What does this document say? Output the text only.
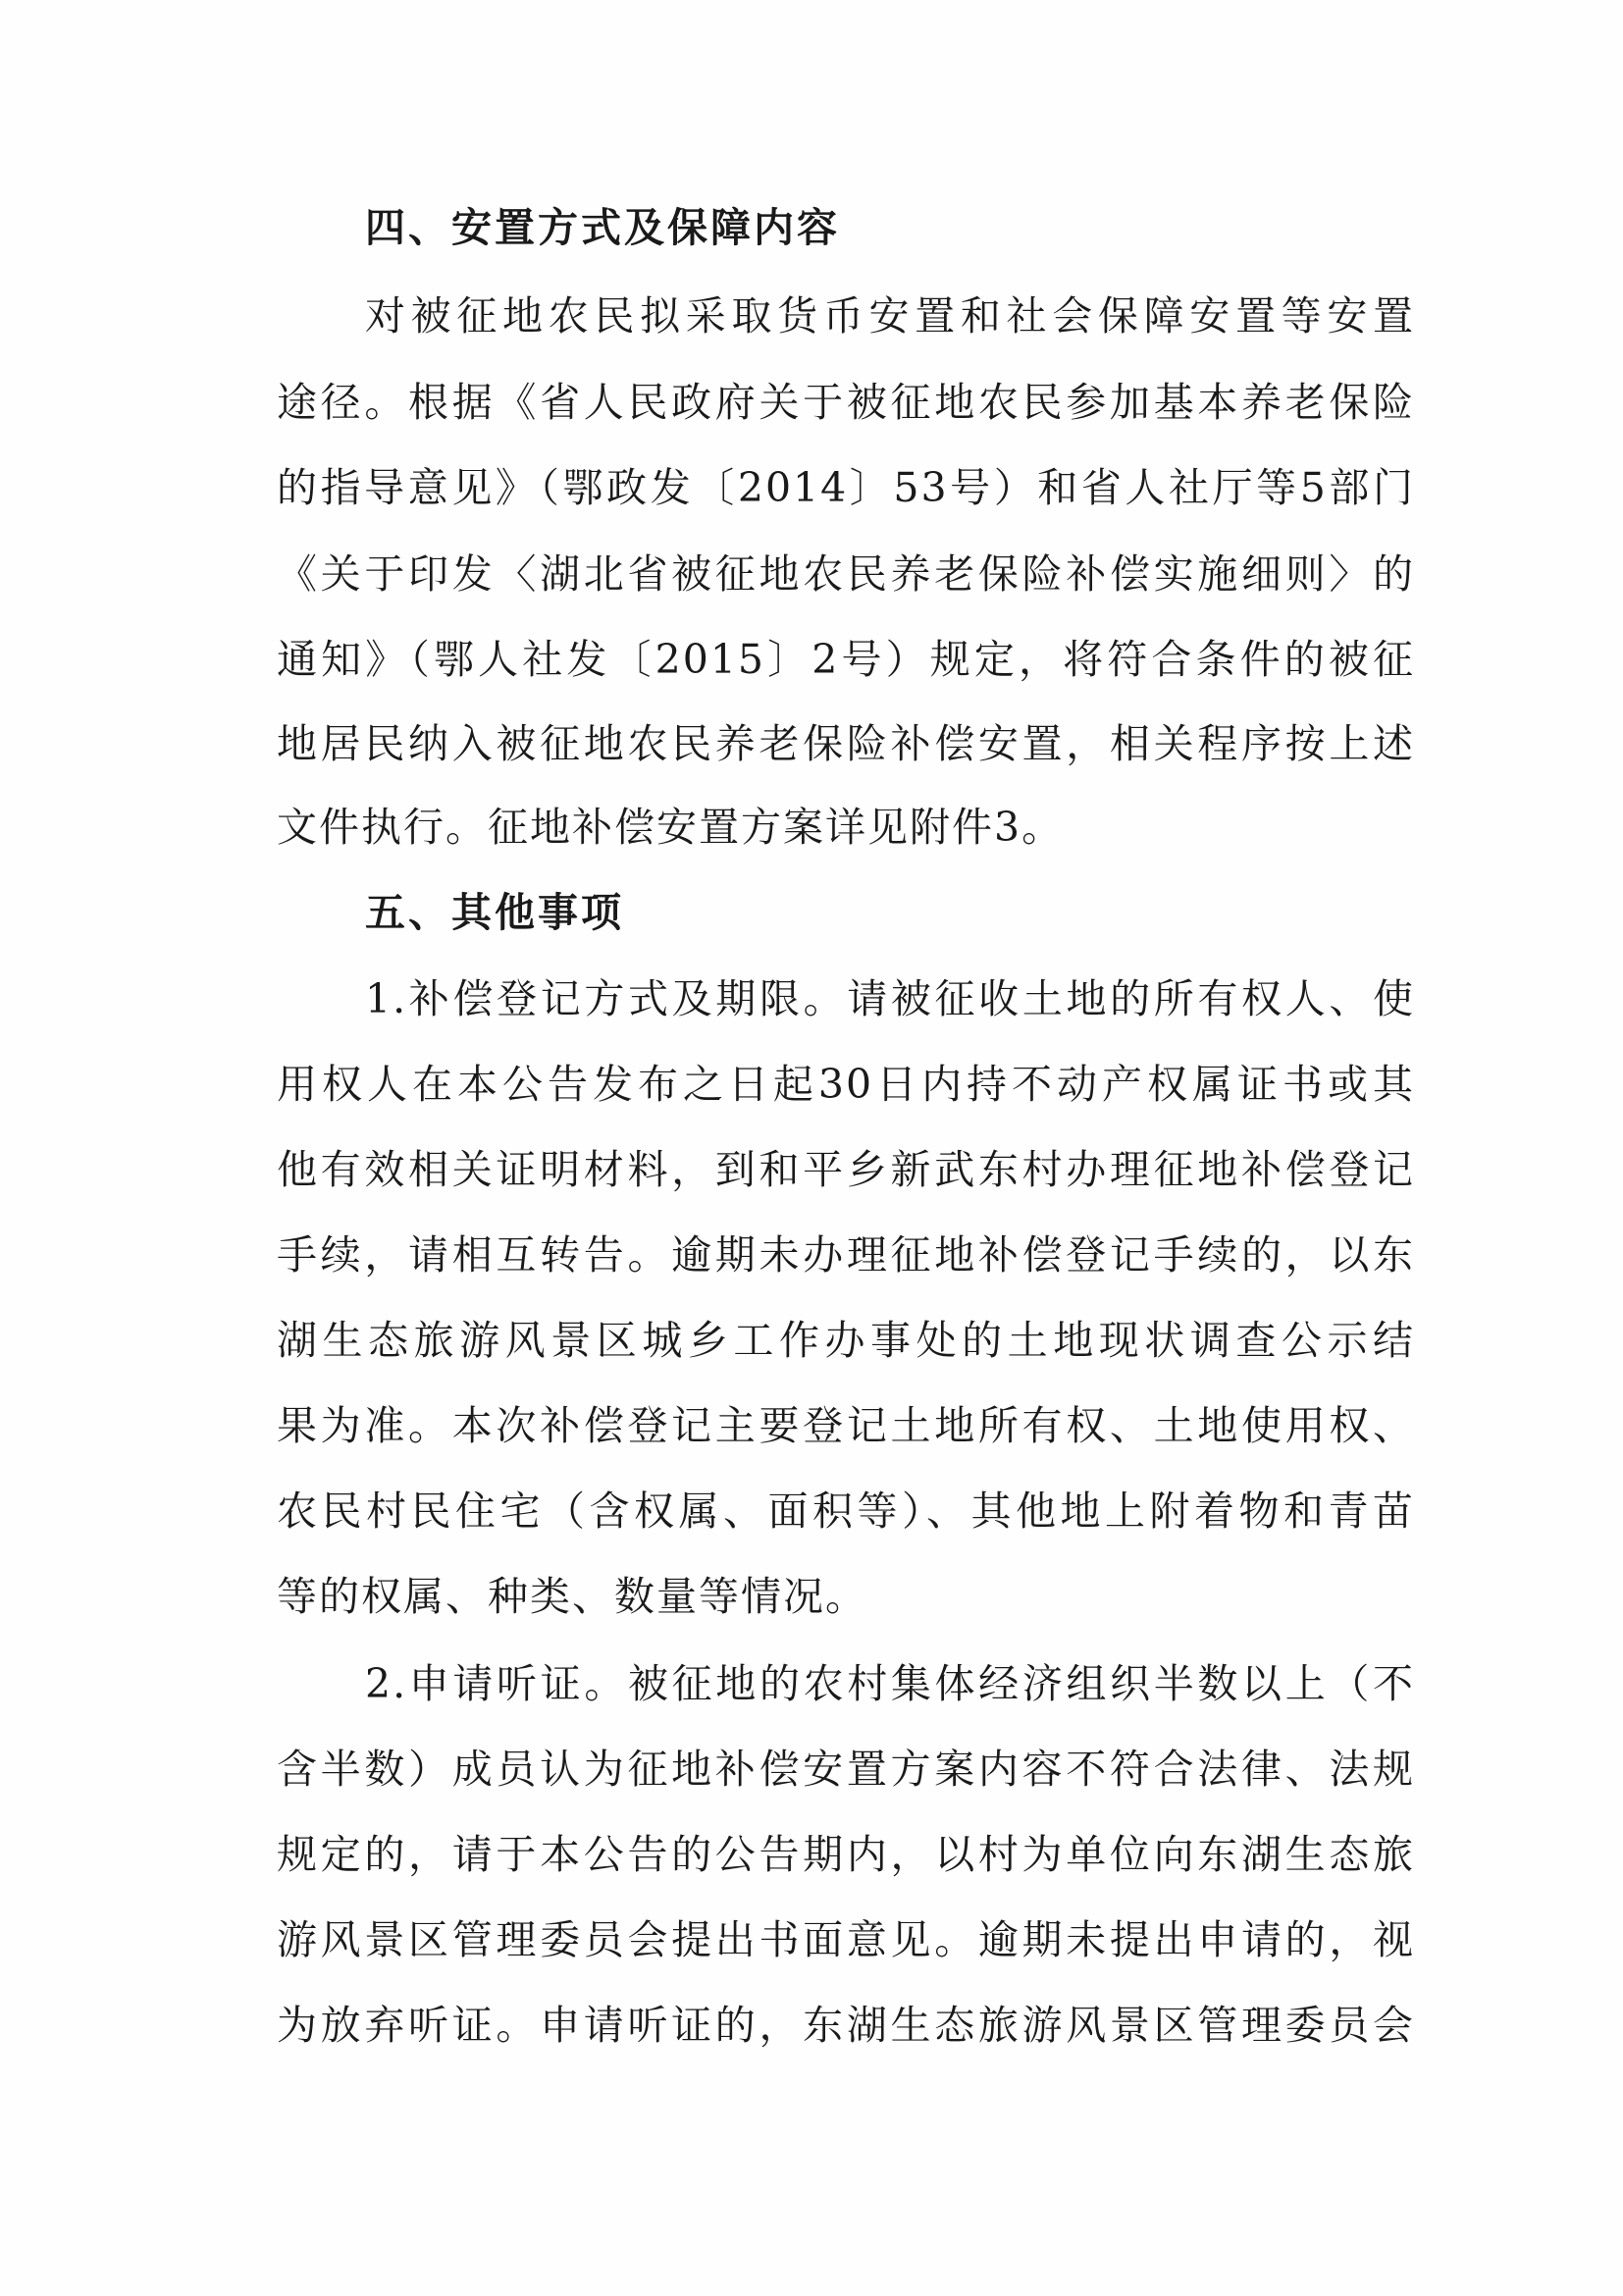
四、安置方式及保障内容
对被征地农民拟采取货币安置和社会保障安置等安置
途径。根据《省人民政府关于被征地农民参加基本养老保险
的指导意见》（鄂政发〔2014〕53号）和省人社厅等5部门
《关于印发〈湖北省被征地农民养老保险补偿实施细则〉的
通知》（鄂人社发〔2015〕2号）规定，将符合条件的被征
地居民纳入被征地农民养老保险补偿安置，相关程序按上述
文件执行。征地补偿安置方案详见附件3。
五、其他事项
1.补偿登记方式及期限。请被征收土地的所有权人、使
用权人在本公告发布之日起30日内持不动产权属证书或其
他有效相关证明材料，到和平乡新武东村办理征地补偿登记
手续，请相互转告。逾期未办理征地补偿登记手续的，以东
湖生态旅游风景区城乡工作办事处的土地现状调查公示结
果为准。本次补偿登记主要登记土地所有权、土地使用权、
农民村民住宅（含权属、面积等）、其他地上附着物和青苗
等的权属、种类、数量等情况。
2.申请听证。被征地的农村集体经济组织半数以上（不
含半数）成员认为征地补偿安置方案内容不符合法律、法规
规定的，请于本公告的公告期内，以村为单位向东湖生态旅
游风景区管理委员会提出书面意见。逾期未提出申请的，视
为放弃听证。申请听证的，东湖生态旅游风景区管理委员会
